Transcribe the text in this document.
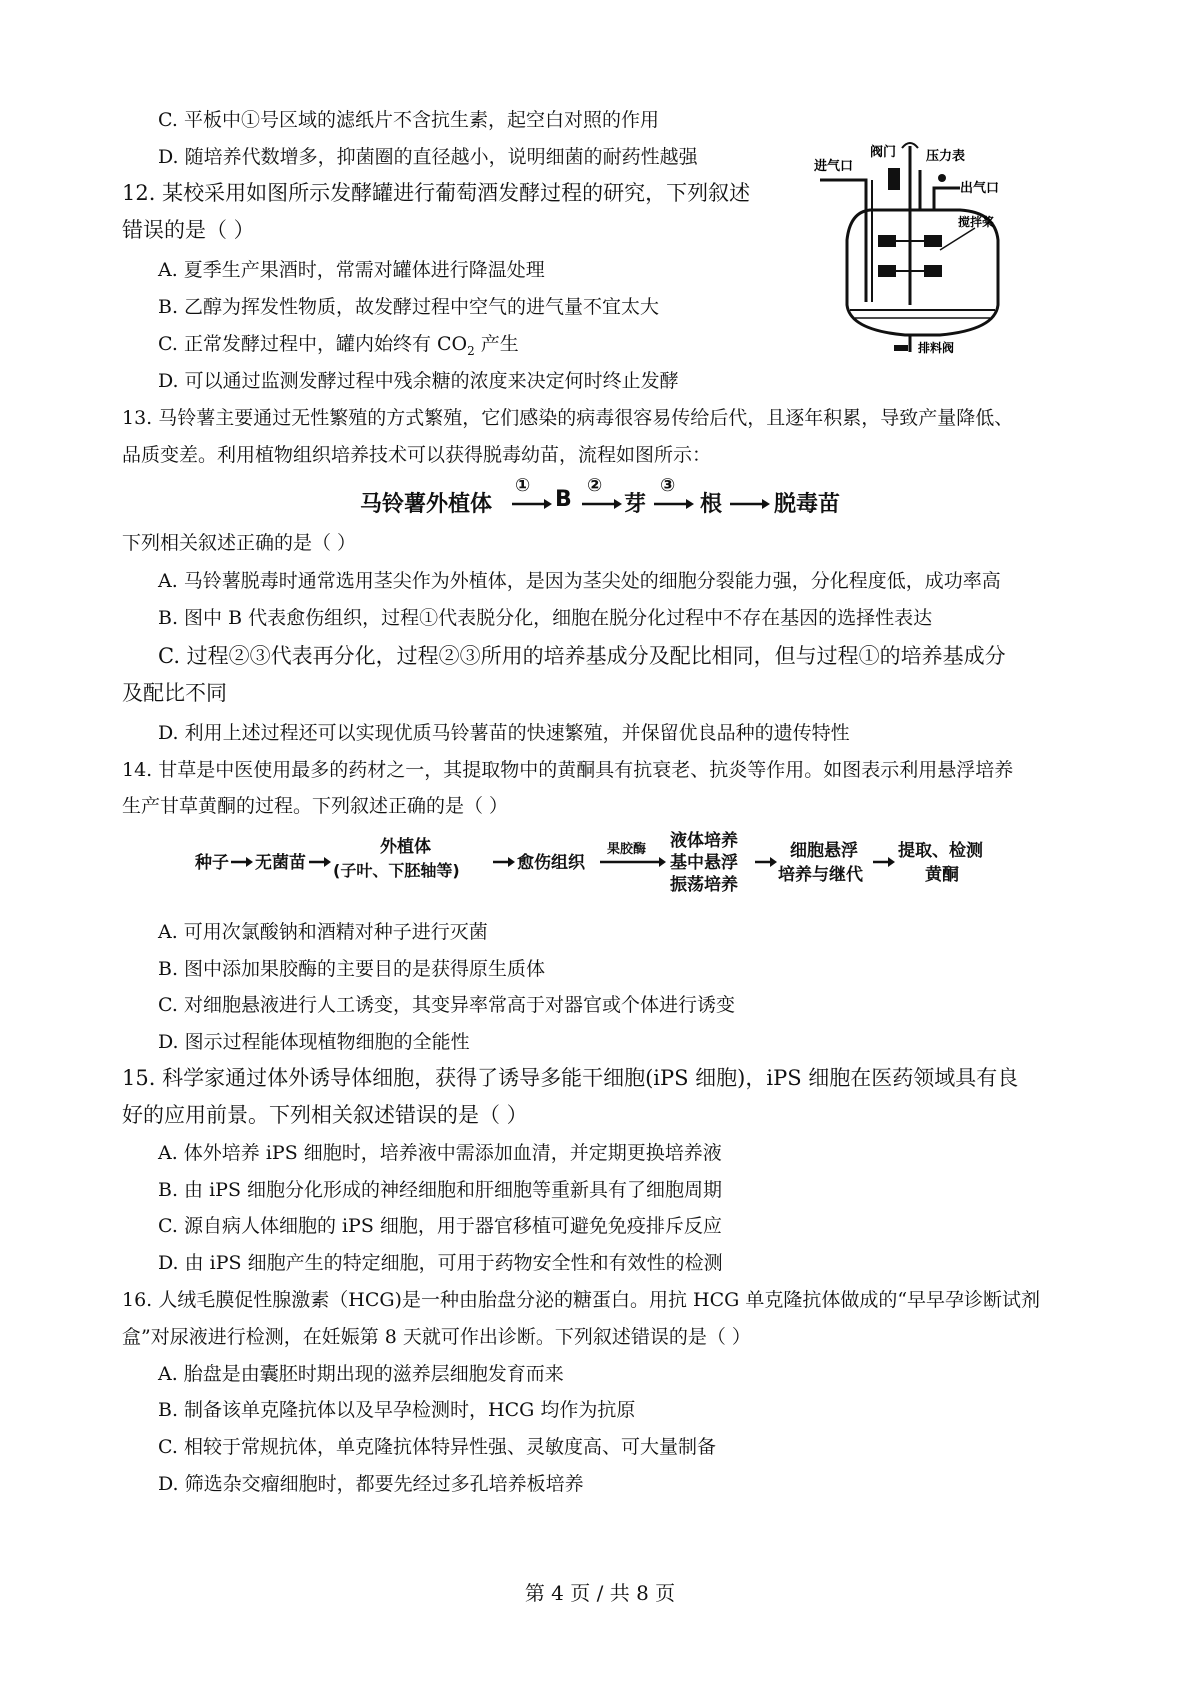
C. 平板中①号区域的滤纸片不含抗生素，起空白对照的作用
D. 随培养代数增多，抑菌圈的直径越小，说明细菌的耐药性越强
12. 某校采用如图所示发酵罐进行葡萄酒发酵过程的研究，下列叙述
错误的是（ ）
A. 夏季生产果酒时，常需对罐体进行降温处理
B. 乙醇为挥发性物质，故发酵过程中空气的进气量不宜太大
C. 正常发酵过程中，罐内始终有 $CO_2$ 产生
D. 可以通过监测发酵过程中残余糖的浓度来决定何时终止发酵
13. 马铃薯主要通过无性繁殖的方式繁殖，它们感染的病毒很容易传给后代，且逐年积累，导致产量降低、
品质变差。利用植物组织培养技术可以获得脱毒幼苗，流程如图所示：
马铃薯外植体
①
B
②
芽
③
根 脱毒苗
下列相关叙述正确的是（ ）
A. 马铃薯脱毒时通常选用茎尖作为外植体，是因为茎尖处的细胞分裂能力强，分化程度低，成功率高
B. 图中 B 代表愈伤组织，过程①代表脱分化，细胞在脱分化过程中不存在基因的选择性表达
C. 过程②③代表再分化，过程②③所用的培养基成分及配比相同，但与过程①的培养基成分
及配比不同
D. 利用上述过程还可以实现优质马铃薯苗的快速繁殖，并保留优良品种的遗传特性
14. 甘草是中医使用最多的药材之一，其提取物中的黄酮具有抗衰老、抗炎等作用。如图表示利用悬浮培养
生产甘草黄酮的过程。下列叙述正确的是（ ）
种子 无菌苗
外植体
(子叶、下胚轴等)	愈伤组织
果胶酶 液体培养
基中悬浮
振荡培养
细胞悬浮
培养与继代
提取、检测
黄酮
A. 可用次氯酸钠和酒精对种子进行灭菌
B. 图中添加果胶酶的主要目的是获得原生质体
C. 对细胞悬液进行人工诱变，其变异率常高于对器官或个体进行诱变
D. 图示过程能体现植物细胞的全能性
15. 科学家通过体外诱导体细胞，获得了诱导多能干细胞(iPS 细胞)，iPS 细胞在医药领域具有良
好的应用前景。下列相关叙述错误的是（ ）
A. 体外培养 iPS 细胞时，培养液中需添加血清，并定期更换培养液
B. 由 iPS 细胞分化形成的神经细胞和肝细胞等重新具有了细胞周期
C. 源自病人体细胞的 iPS 细胞，用于器官移植可避免免疫排斥反应
D. 由 iPS 细胞产生的特定细胞，可用于药物安全性和有效性的检测
16. 人绒毛膜促性腺激素（HCG)是一种由胎盘分泌的糖蛋白。用抗 HCG 单克隆抗体做成的“早早孕诊断试剂
盒”对尿液进行检测，在妊娠第 8 天就可作出诊断。下列叙述错误的是（ ）
A. 胎盘是由囊胚时期出现的滋养层细胞发育而来
B. 制备该单克隆抗体以及早孕检测时，HCG 均作为抗原
C. 相较于常规抗体，单克隆抗体特异性强、灵敏度高、可大量制备
D. 筛选杂交瘤细胞时，都要先经过多孔培养板培养
进气口
阀门 压力表
出气口
搅拌桨
排料阀
第 4 页 / 共 8 页
